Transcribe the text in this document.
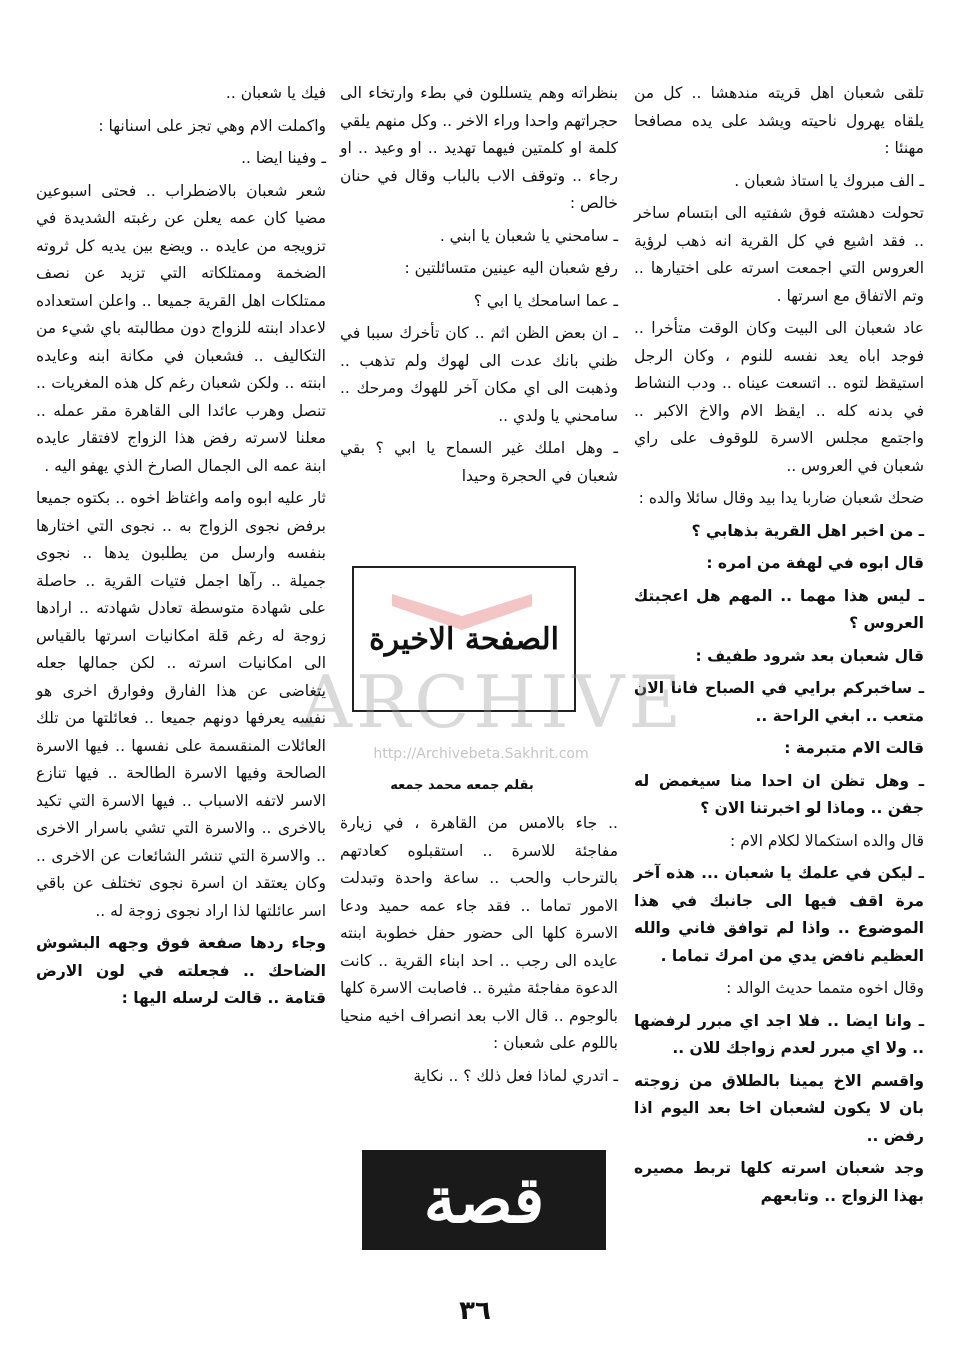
تلقى شعبان اهل قريته مندهشا .. كل من يلقاه يهرول ناحيته ويشد على يده مصافحا مهنئا :

ـ الف مبروك يا استاذ شعبان .

تحولت دهشته فوق شفتيه الى ابتسام ساخر .. فقد اشيع في كل القرية انه ذهب لرؤية العروس التي اجمعت اسرته على اختيارها .. وتم الاتفاق مع اسرتها .

عاد شعبان الى البيت وكان الوقت متأخرا .. فوجد اباه يعد نفسه للنوم ، وكان الرجل استيقظ لتوه .. اتسعت عيناه .. ودب النشاط في بدنه كله .. ايقظ الام والاخ الاكبر .. واجتمع مجلس الاسرة للوقوف على راي شعبان في العروس ..

ضحك شعبان ضاربا يدا بيد وقال سائلا والده :

ـ من اخبر اهل القرية بذهابي ؟

قال ابوه في لهفة من امره :

ـ ليس هذا مهما .. المهم هل اعجبتك العروس ؟

قال شعبان بعد شرود طفيف :

ـ ساخبركم برايي في الصباح فانا الان متعب .. ابغي الراحة ..

قالت الام متبرمة :

ـ وهل تظن ان احدا منا سيغمض له جفن .. وماذا لو اخبرتنا الان ؟

قال والده استكمالا لكلام الام :

ـ ليكن في علمك يا شعبان ... هذه آخر مرة اقف فيها الى جانبك في هذا الموضوع .. واذا لم توافق فاني والله العظيم نافض يدي من امرك تماما .

وقال اخوه متمما حديث الوالد :

ـ وانا ايضا .. فلا اجد اي مبرر لرفضها .. ولا اي مبرر لعدم زواجك للان ..

واقسم الاخ يمينا بالطلاق من زوجته بان لا يكون لشعبان اخا بعد اليوم اذا رفض ..

وجد شعبان اسرته كلها تربط مصيره بهذا الزواج .. وتابعهم

بنظراته وهم يتسللون في بطء وارتخاء الى حجراتهم واحدا وراء الاخر .. وكل منهم يلقي كلمة او كلمتين فيهما تهديد .. او وعيد .. او رجاء .. وتوقف الاب بالباب وقال في حنان خالص :

ـ سامحني يا شعبان يا ابني .

رفع شعبان اليه عينين متسائلتين :

ـ عما اسامحك يا ابي ؟

ـ ان بعض الظن اثم .. كان تأخرك سببا في ظني بانك عدت الى لهوك ولم تذهب .. وذهبت الى اي مكان آخر للهوك ومرحك .. سامحني يا ولدي ..

ـ وهل املك غير السماح يا ابي ؟ بقي شعبان في الحجرة وحيدا

الصفحة الاخيرة
ARCHIVE
http://Archivebeta.Sakhrit.com
بقلم جمعه محمد جمعه

.. جاء بالامس من القاهرة ، في زيارة مفاجئة للاسرة .. استقبلوه كعادتهم بالترحاب والحب .. ساعة واحدة وتبدلت الامور تماما .. فقد جاء عمه حميد ودعا الاسرة كلها الى حضور حفل خطوبة ابنته عايده الى رجب .. احد ابناء القرية .. كانت الدعوة مفاجئة مثيرة .. فاصابت الاسرة كلها بالوجوم .. قال الاب بعد انصراف اخيه منحيا باللوم على شعبان :

ـ اتدري لماذا فعل ذلك ؟ .. نكاية

قصة

فيك يا شعبان ..

واكملت الام وهي تجز على اسنانها :

ـ وفينا ايضا ..

شعر شعبان بالاضطراب .. فحتى اسبوعين مضيا كان عمه يعلن عن رغبته الشديدة في تزويجه من عايده .. ويضع بين يديه كل ثروته الضخمة وممتلكاته التي تزيد عن نصف ممتلكات اهل القرية جميعا .. واعلن استعداده لاعداد ابنته للزواج دون مطالبته باي شيء من التكاليف .. فشعبان في مكانة ابنه وعايده ابنته .. ولكن شعبان رغم كل هذه المغريات .. تنصل وهرب عائدا الى القاهرة مقر عمله .. معلنا لاسرته رفض هذا الزواج لافتقار عايده ابنة عمه الى الجمال الصارخ الذي يهفو اليه .

ثار عليه ابوه وامه واغتاظ اخوه .. بكتوه جميعا برفض نجوى الزواج به .. نجوى التي اختارها بنفسه وارسل من يطلبون يدها .. نجوى جميلة .. رآها اجمل فتيات القرية .. حاصلة على شهادة متوسطة تعادل شهادته .. ارادها زوجة له رغم قلة امكانيات اسرتها بالقياس الى امكانيات اسرته .. لكن جمالها جعله يتغاضى عن هذا الفارق وفوارق اخرى هو نفسه يعرفها دونهم جميعا .. فعائلتها من تلك العائلات المنقسمة على نفسها .. فيها الاسرة الصالحة وفيها الاسرة الطالحة .. فيها تنازع الاسر لاتفه الاسباب .. فيها الاسرة التي تكيد بالاخرى .. والاسرة التي تشي باسرار الاخرى .. والاسرة التي تنشر الشائعات عن الاخرى .. وكان يعتقد ان اسرة نجوى تختلف عن باقي اسر عائلتها لذا اراد نجوى زوجة له ..

وجاء ردها صفعة فوق وجهه البشوش الضاحك .. فجعلته في لون الارض قتامة .. قالت لرسله اليها :

٣٦
